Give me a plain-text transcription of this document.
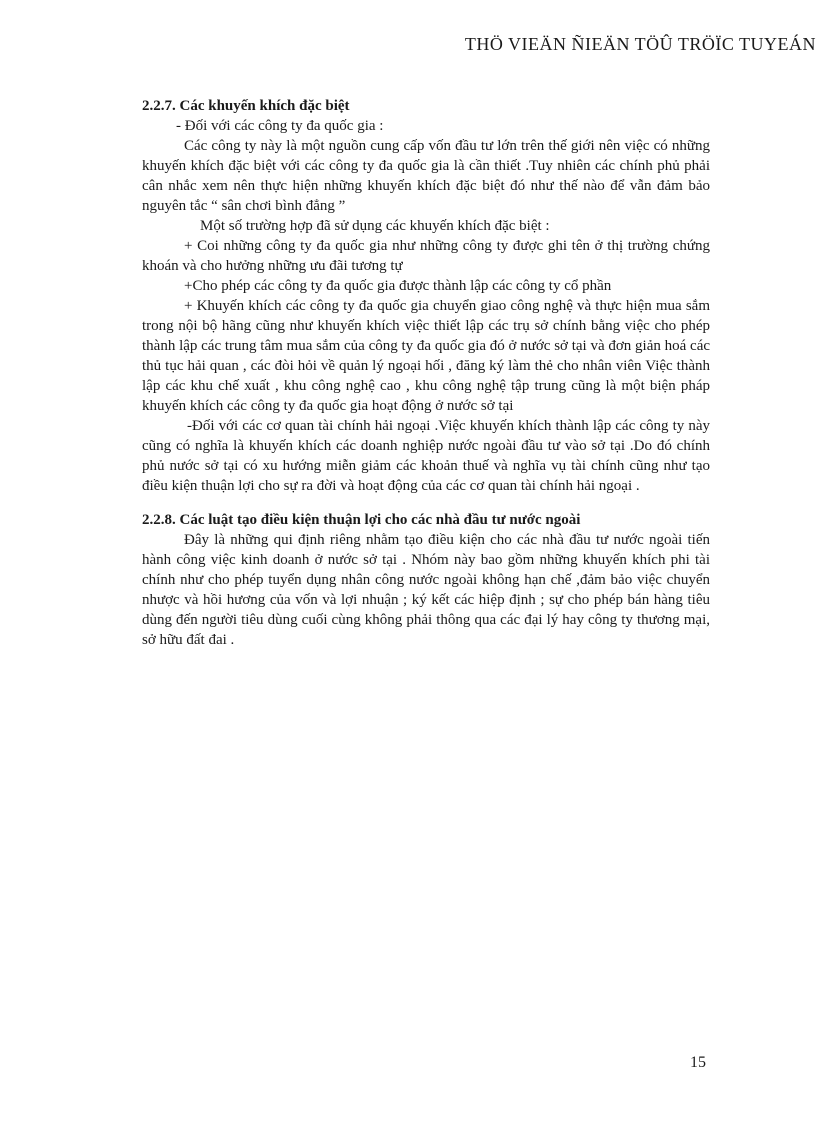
THÖ VIEÄN ÑIEÄN TÖÛ TRÖÏC TUYEÁN

2.2.7. Các khuyến khích đặc biệt

- Đối với các công ty đa quốc gia :

Các công ty này là một nguồn cung cấp vốn đầu tư lớn trên thế giới nên việc có những khuyến khích đặc biệt với các công ty đa quốc gia là cần thiết .Tuy nhiên các chính phủ phải cân nhắc xem nên thực hiện những khuyến khích đặc biệt đó như thế nào để vẫn đảm bảo nguyên tắc “ sân chơi bình đẳng ”

Một số trường hợp đã sử dụng các khuyến khích đặc biệt :

+ Coi những công ty đa quốc gia như những công ty được ghi tên ở thị trường chứng khoán và cho hưởng những ưu đãi tương tự

+Cho phép các công ty đa quốc gia được thành lập các công ty cổ phần

+ Khuyến khích các công ty đa quốc gia chuyển giao công nghệ và thực hiện mua sắm trong nội bộ hãng cũng như khuyến khích việc thiết lập các trụ sở chính bằng việc cho phép thành lập các trung tâm mua sắm của công ty đa quốc gia đó ở nước sở tại và đơn giản hoá các thủ tục hải quan , các đòi hỏi về quản lý ngoại hối , đăng ký làm thẻ cho nhân viên Việc thành lập các khu chế xuất , khu công nghệ cao , khu công nghệ tập trung cũng là một biện pháp khuyến khích các công ty đa quốc gia hoạt động ở nước sở tại

-Đối với các cơ quan tài chính hải ngoại .Việc khuyến khích thành lập các công ty này cũng có nghĩa là khuyến khích các doanh nghiệp nước ngoài đầu tư vào sở tại .Do đó chính phủ nước sở tại có xu hướng miễn giảm các khoản thuế và nghĩa vụ tài chính cũng như tạo điều kiện thuận lợi cho sự ra đời và hoạt động của các cơ quan tài chính hải ngoại .

2.2.8. Các luật tạo điều kiện thuận lợi cho các nhà đầu tư nước ngoài

Đây là những qui định riêng nhằm tạo điều kiện cho các nhà đầu tư nước ngoài tiến hành công việc kinh doanh ở nước sở tại . Nhóm này bao gồm những khuyến khích phi tài chính như cho phép tuyển dụng nhân công nước ngoài không hạn chế ,đảm bảo việc chuyển nhược và hồi hương của vốn và lợi nhuận ; ký kết các hiệp định ; sự cho phép bán hàng tiêu dùng đến người tiêu dùng cuối cùng không phải thông qua các đại lý hay công ty thương mại, sở hữu đất đai .

15
